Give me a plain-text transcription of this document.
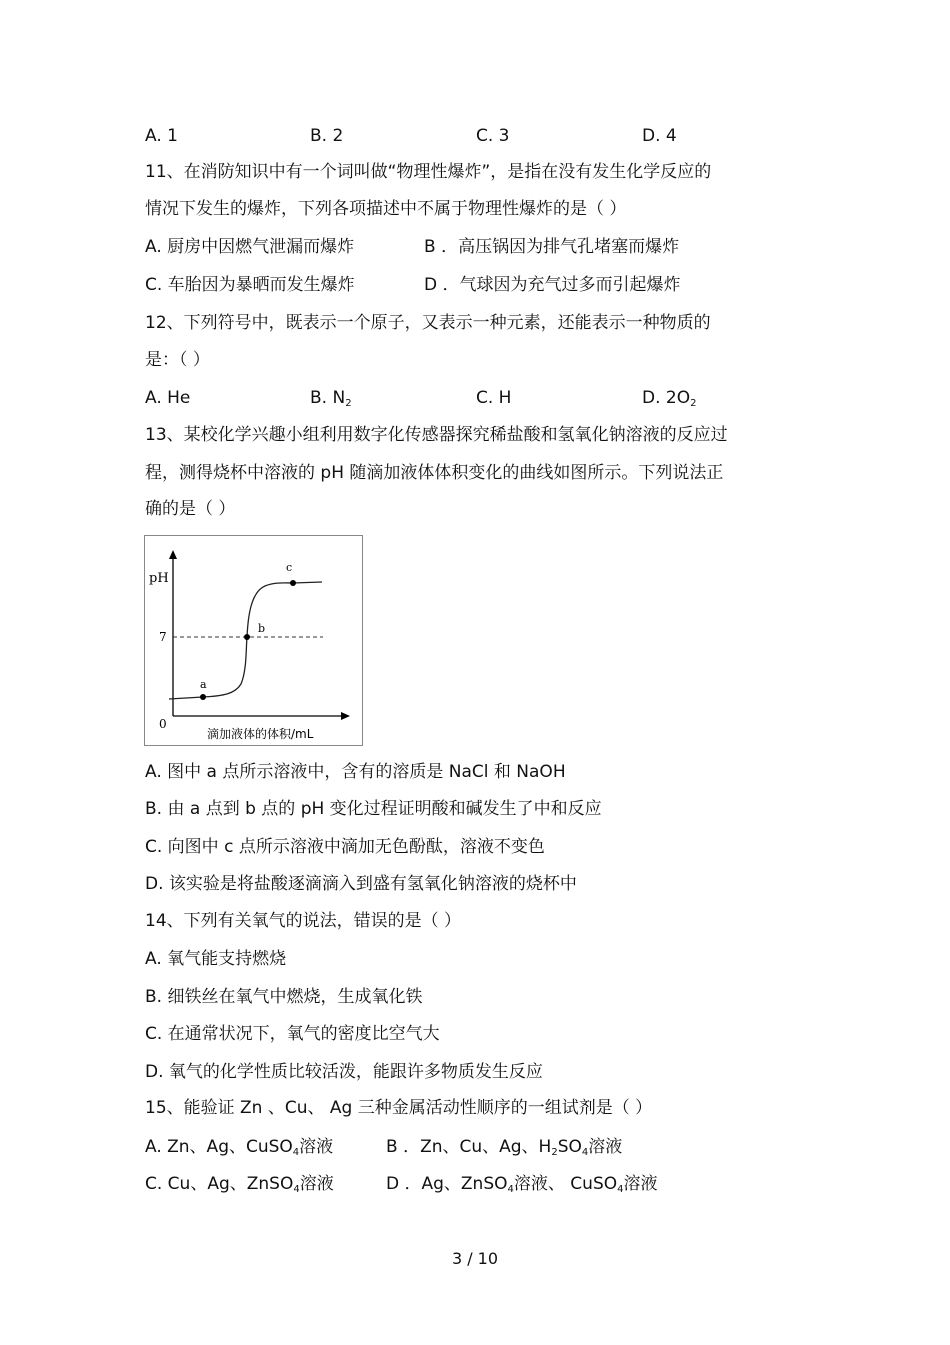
A. 1	B. 2	C. 3	D. 4
11、在消防知识中有一个词叫做“物理性爆炸”，是指在没有发生化学反应的
情况下发生的爆炸，下列各项描述中不属于物理性爆炸的是（ ）
A. 厨房中因燃气泄漏而爆炸	B ．高压锅因为排气孔堵塞而爆炸
C. 车胎因为暴晒而发生爆炸	D ．气球因为充气过多而引起爆炸
12、下列符号中，既表示一个原子，又表示一种元素，还能表示一种物质的
是：（ ）
A. He	B. $N_2$	C. H	D. $2O_2$
13、某校化学兴趣小组利用数字化传感器探究稀盐酸和氢氧化钠溶液的反应过
程，测得烧杯中溶液的 pH 随滴加液体体积变化的曲线如图所示。下列说法正
确的是（ ）
pH
7
0
a
b
c
滴加液体的体积/mL
A. 图中 a 点所示溶液中，含有的溶质是 NaCl 和 NaOH
B. 由 a 点到 b 点的 pH 变化过程证明酸和碱发生了中和反应
C. 向图中 c 点所示溶液中滴加无色酚酞，溶液不变色
D. 该实验是将盐酸逐滴滴入到盛有氢氧化钠溶液的烧杯中
14、下列有关氧气的说法，错误的是（ ）
A. 氧气能支持燃烧
B. 细铁丝在氧气中燃烧，生成氧化铁
C. 在通常状况下，氧气的密度比空气大
D. 氧气的化学性质比较活泼，能跟许多物质发生反应
15、能验证 Zn 、Cu、 Ag 三种金属活动性顺序的一组试剂是（ ）
A. Zn、Ag、CuSO$_4$溶液	B ．Zn、Cu、Ag、$H_2SO_4$溶液
C. Cu、Ag、ZnSO$_4$溶液	D ．Ag、ZnSO$_4$溶液、 CuSO$_4$溶液
3 / 10
